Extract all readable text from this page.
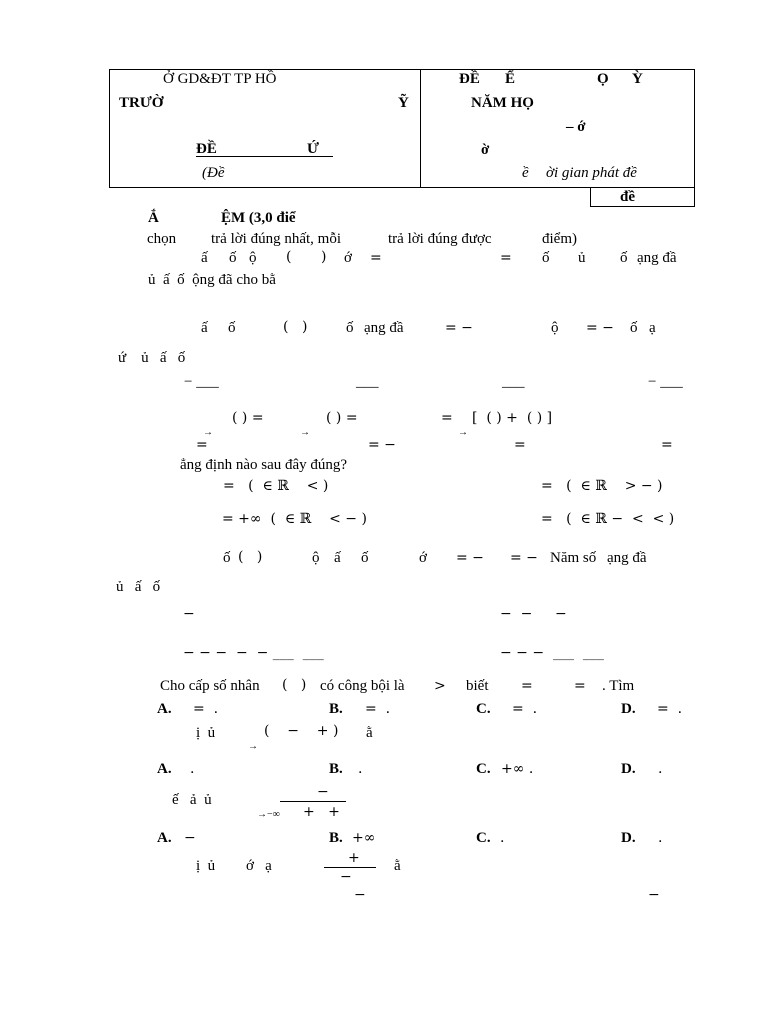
Ở GD&ĐT TP HỒ
TRƯỜ	Ỹ
ĐỀ	Ứ
(Đề
ĐỀ Ể	Ọ Ỳ
NĂM HỌ
– ớ
ờ
ề ời gian phát đề
đề
Ắ	ỆM (3,0 điể
chọn trả lời đúng nhất, mỗi	trả lời đúng được	điểm)
ấ ố ộ ( ) ớ =	= ố ủ ố ạng đầ
ủ  ấ  ố  ộng đã cho bằ
ấ ố	( )	ố ạng đầ	= −	ộ = − ố ạ
ứ    ủ   ấ   ố
− ___	___	___	− ___
→
( ) =
→
( ) =	=
→
[  ( ) +  ( ) ]
=	= −	=	=
ẳng định nào sau đây đúng?
=   (  ∈ ℝ    < )	=   (  ∈ ℝ    > − )
= +∞  (  ∈ ℝ    < − )	=   (  ∈ ℝ −  <  < )
ố (   )	ộ ấ ố	ớ = − = − Năm số ạng đầ
ủ   ấ   ố
−	−  − −
− − −  −  − ___  ___	− − −  ___  ___
Cho cấp số nhân (   ) có công bội là > biết =	= . Tìm
A. =  .	B. =  .	C. =  .	D. =  .
ị  ủ
→
(    −    + ) ằ
A. .	B. .	C. +∞ .	D. .
ế   ả  ủ
→−∞
−
+   +
A. −	B. +∞	C. .	D. .
ị  ủ ớ   ạ	+
−
ằ
−	−
